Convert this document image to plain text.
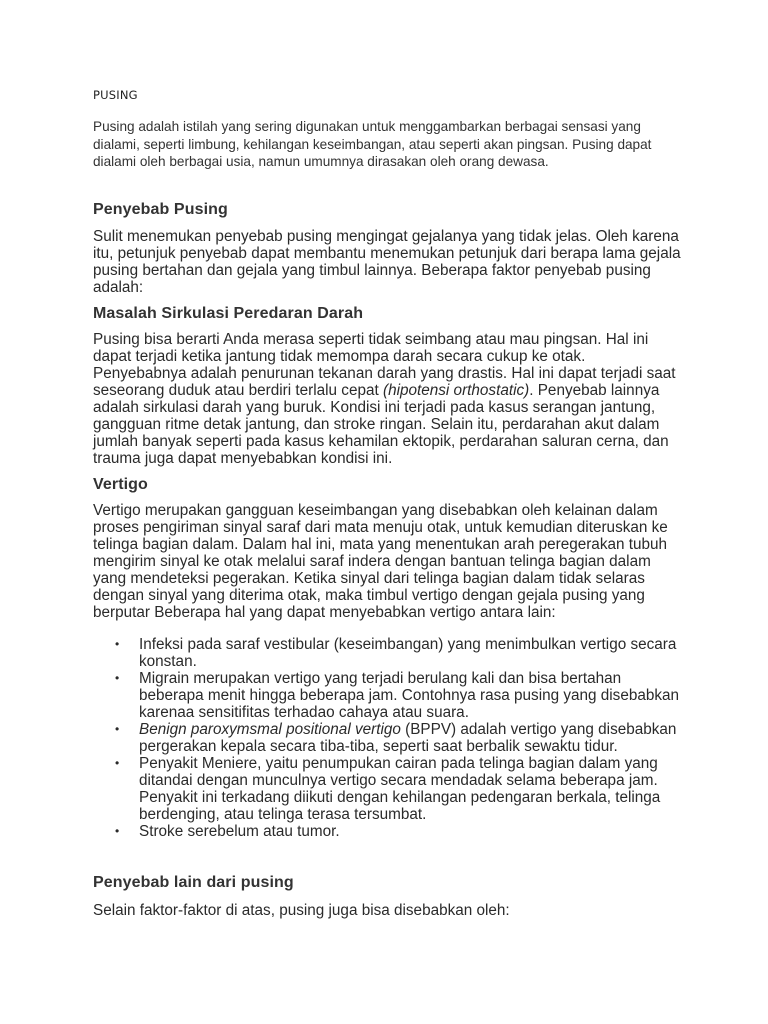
PUSING
Pusing adalah istilah yang sering digunakan untuk menggambarkan berbagai sensasi yang dialami, seperti limbung, kehilangan keseimbangan, atau seperti akan pingsan. Pusing dapat dialami oleh berbagai usia, namun umumnya dirasakan oleh orang dewasa.
Penyebab Pusing
Sulit menemukan penyebab pusing mengingat gejalanya yang tidak jelas. Oleh karena itu, petunjuk penyebab dapat membantu menemukan petunjuk dari berapa lama gejala pusing bertahan dan gejala yang timbul lainnya. Beberapa faktor penyebab pusing adalah:
Masalah Sirkulasi Peredaran Darah
Pusing bisa berarti Anda merasa seperti tidak seimbang atau mau pingsan. Hal ini dapat terjadi ketika jantung tidak memompa darah secara cukup ke otak. Penyebabnya adalah penurunan tekanan darah yang drastis. Hal ini dapat terjadi saat seseorang duduk atau berdiri terlalu cepat (hipotensi orthostatic). Penyebab lainnya adalah sirkulasi darah yang buruk. Kondisi ini terjadi pada kasus serangan jantung, gangguan ritme detak jantung, dan stroke ringan. Selain itu, perdarahan akut dalam jumlah banyak seperti pada kasus kehamilan ektopik, perdarahan saluran cerna, dan trauma juga dapat menyebabkan kondisi ini.
Vertigo
Vertigo merupakan gangguan keseimbangan yang disebabkan oleh kelainan dalam proses pengiriman sinyal saraf dari mata menuju otak, untuk kemudian diteruskan ke telinga bagian dalam. Dalam hal ini, mata yang menentukan arah peregerakan tubuh mengirim sinyal ke otak melalui saraf indera dengan bantuan telinga bagian dalam yang mendeteksi pegerakan. Ketika sinyal dari telinga bagian dalam tidak selaras dengan sinyal yang diterima otak, maka timbul vertigo dengan gejala pusing yang berputar Beberapa hal yang dapat menyebabkan vertigo antara lain:
• Infeksi pada saraf vestibular (keseimbangan) yang menimbulkan vertigo secara konstan.
• Migrain merupakan vertigo yang terjadi berulang kali dan bisa bertahan beberapa menit hingga beberapa jam. Contohnya rasa pusing yang disebabkan karenaa sensitifitas terhadao cahaya atau suara.
• Benign paroxymsmal positional vertigo (BPPV) adalah vertigo yang disebabkan pergerakan kepala secara tiba-tiba, seperti saat berbalik sewaktu tidur.
• Penyakit Meniere, yaitu penumpukan cairan pada telinga bagian dalam yang ditandai dengan munculnya vertigo secara mendadak selama beberapa jam. Penyakit ini terkadang diikuti dengan kehilangan pedengaran berkala, telinga berdenging, atau telinga terasa tersumbat.
• Stroke serebelum atau tumor.
Penyebab lain dari pusing
Selain faktor-faktor di atas, pusing juga bisa disebabkan oleh:
